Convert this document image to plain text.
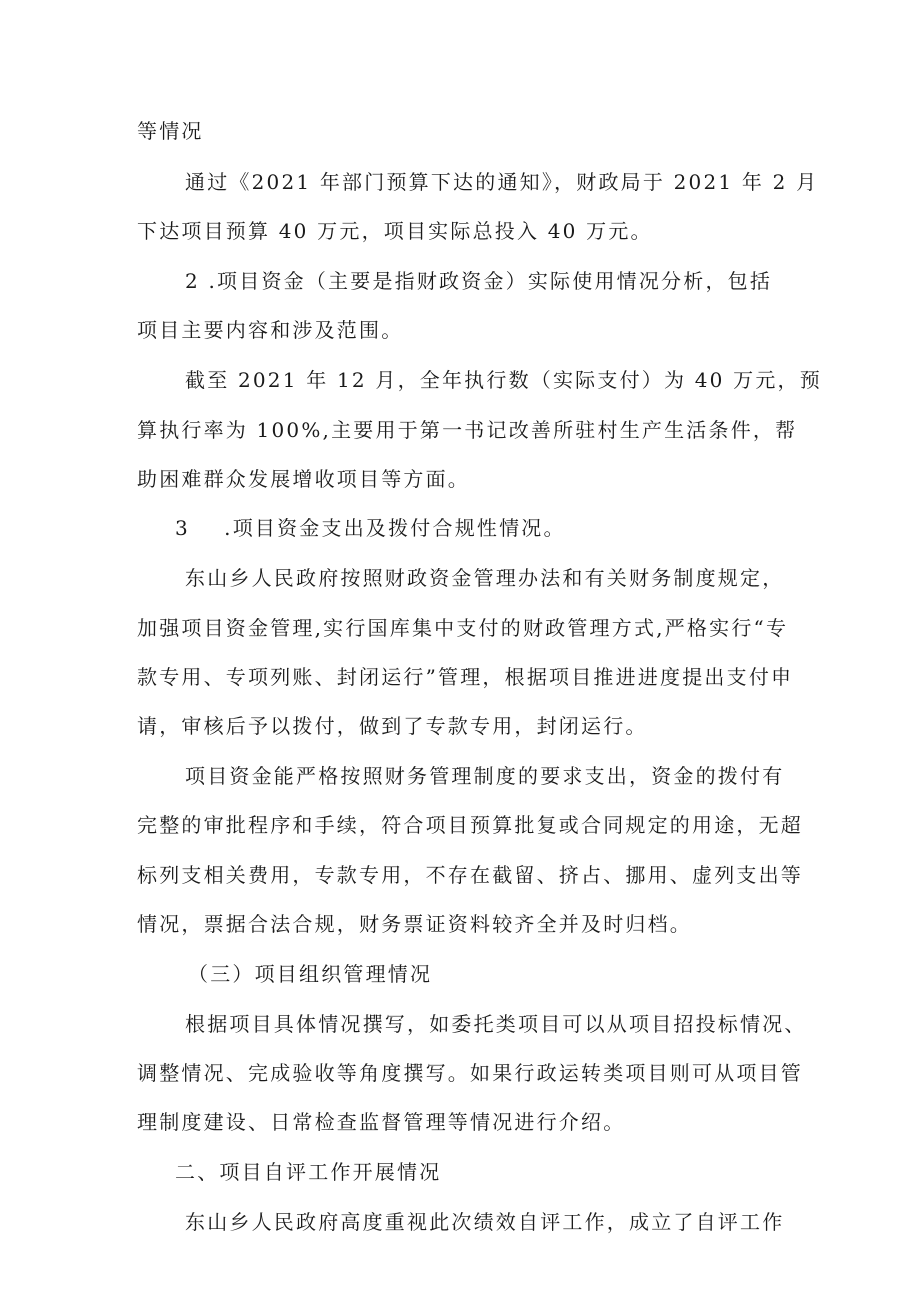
等情况

通过《2021 年部门预算下达的通知》，财政局于 2021 年 2 月

下达项目预算 40 万元，项目实际总投入 40 万元。

2 .项目资金（主要是指财政资金）实际使用情况分析，包括

项目主要内容和涉及范围。

截至 2021 年 12 月，全年执行数（实际支付）为 40 万元，预

算执行率为 100%,主要用于第一书记改善所驻村生产生活条件，帮

助困难群众发展增收项目等方面。

3    .项目资金支出及拨付合规性情况。

东山乡人民政府按照财政资金管理办法和有关财务制度规定，

加强项目资金管理,实行国库集中支付的财政管理方式,严格实行“专

款专用、专项列账、封闭运行”管理，根据项目推进进度提出支付申

请，审核后予以拨付，做到了专款专用，封闭运行。

项目资金能严格按照财务管理制度的要求支出，资金的拨付有

完整的审批程序和手续，符合项目预算批复或合同规定的用途，无超

标列支相关费用，专款专用，不存在截留、挤占、挪用、虚列支出等

情况，票据合法合规，财务票证资料较齐全并及时归档。

（三）项目组织管理情况

根据项目具体情况撰写，如委托类项目可以从项目招投标情况、

调整情况、完成验收等角度撰写。如果行政运转类项目则可从项目管

理制度建设、日常检查监督管理等情况进行介绍。

二、项目自评工作开展情况

东山乡人民政府高度重视此次绩效自评工作，成立了自评工作
